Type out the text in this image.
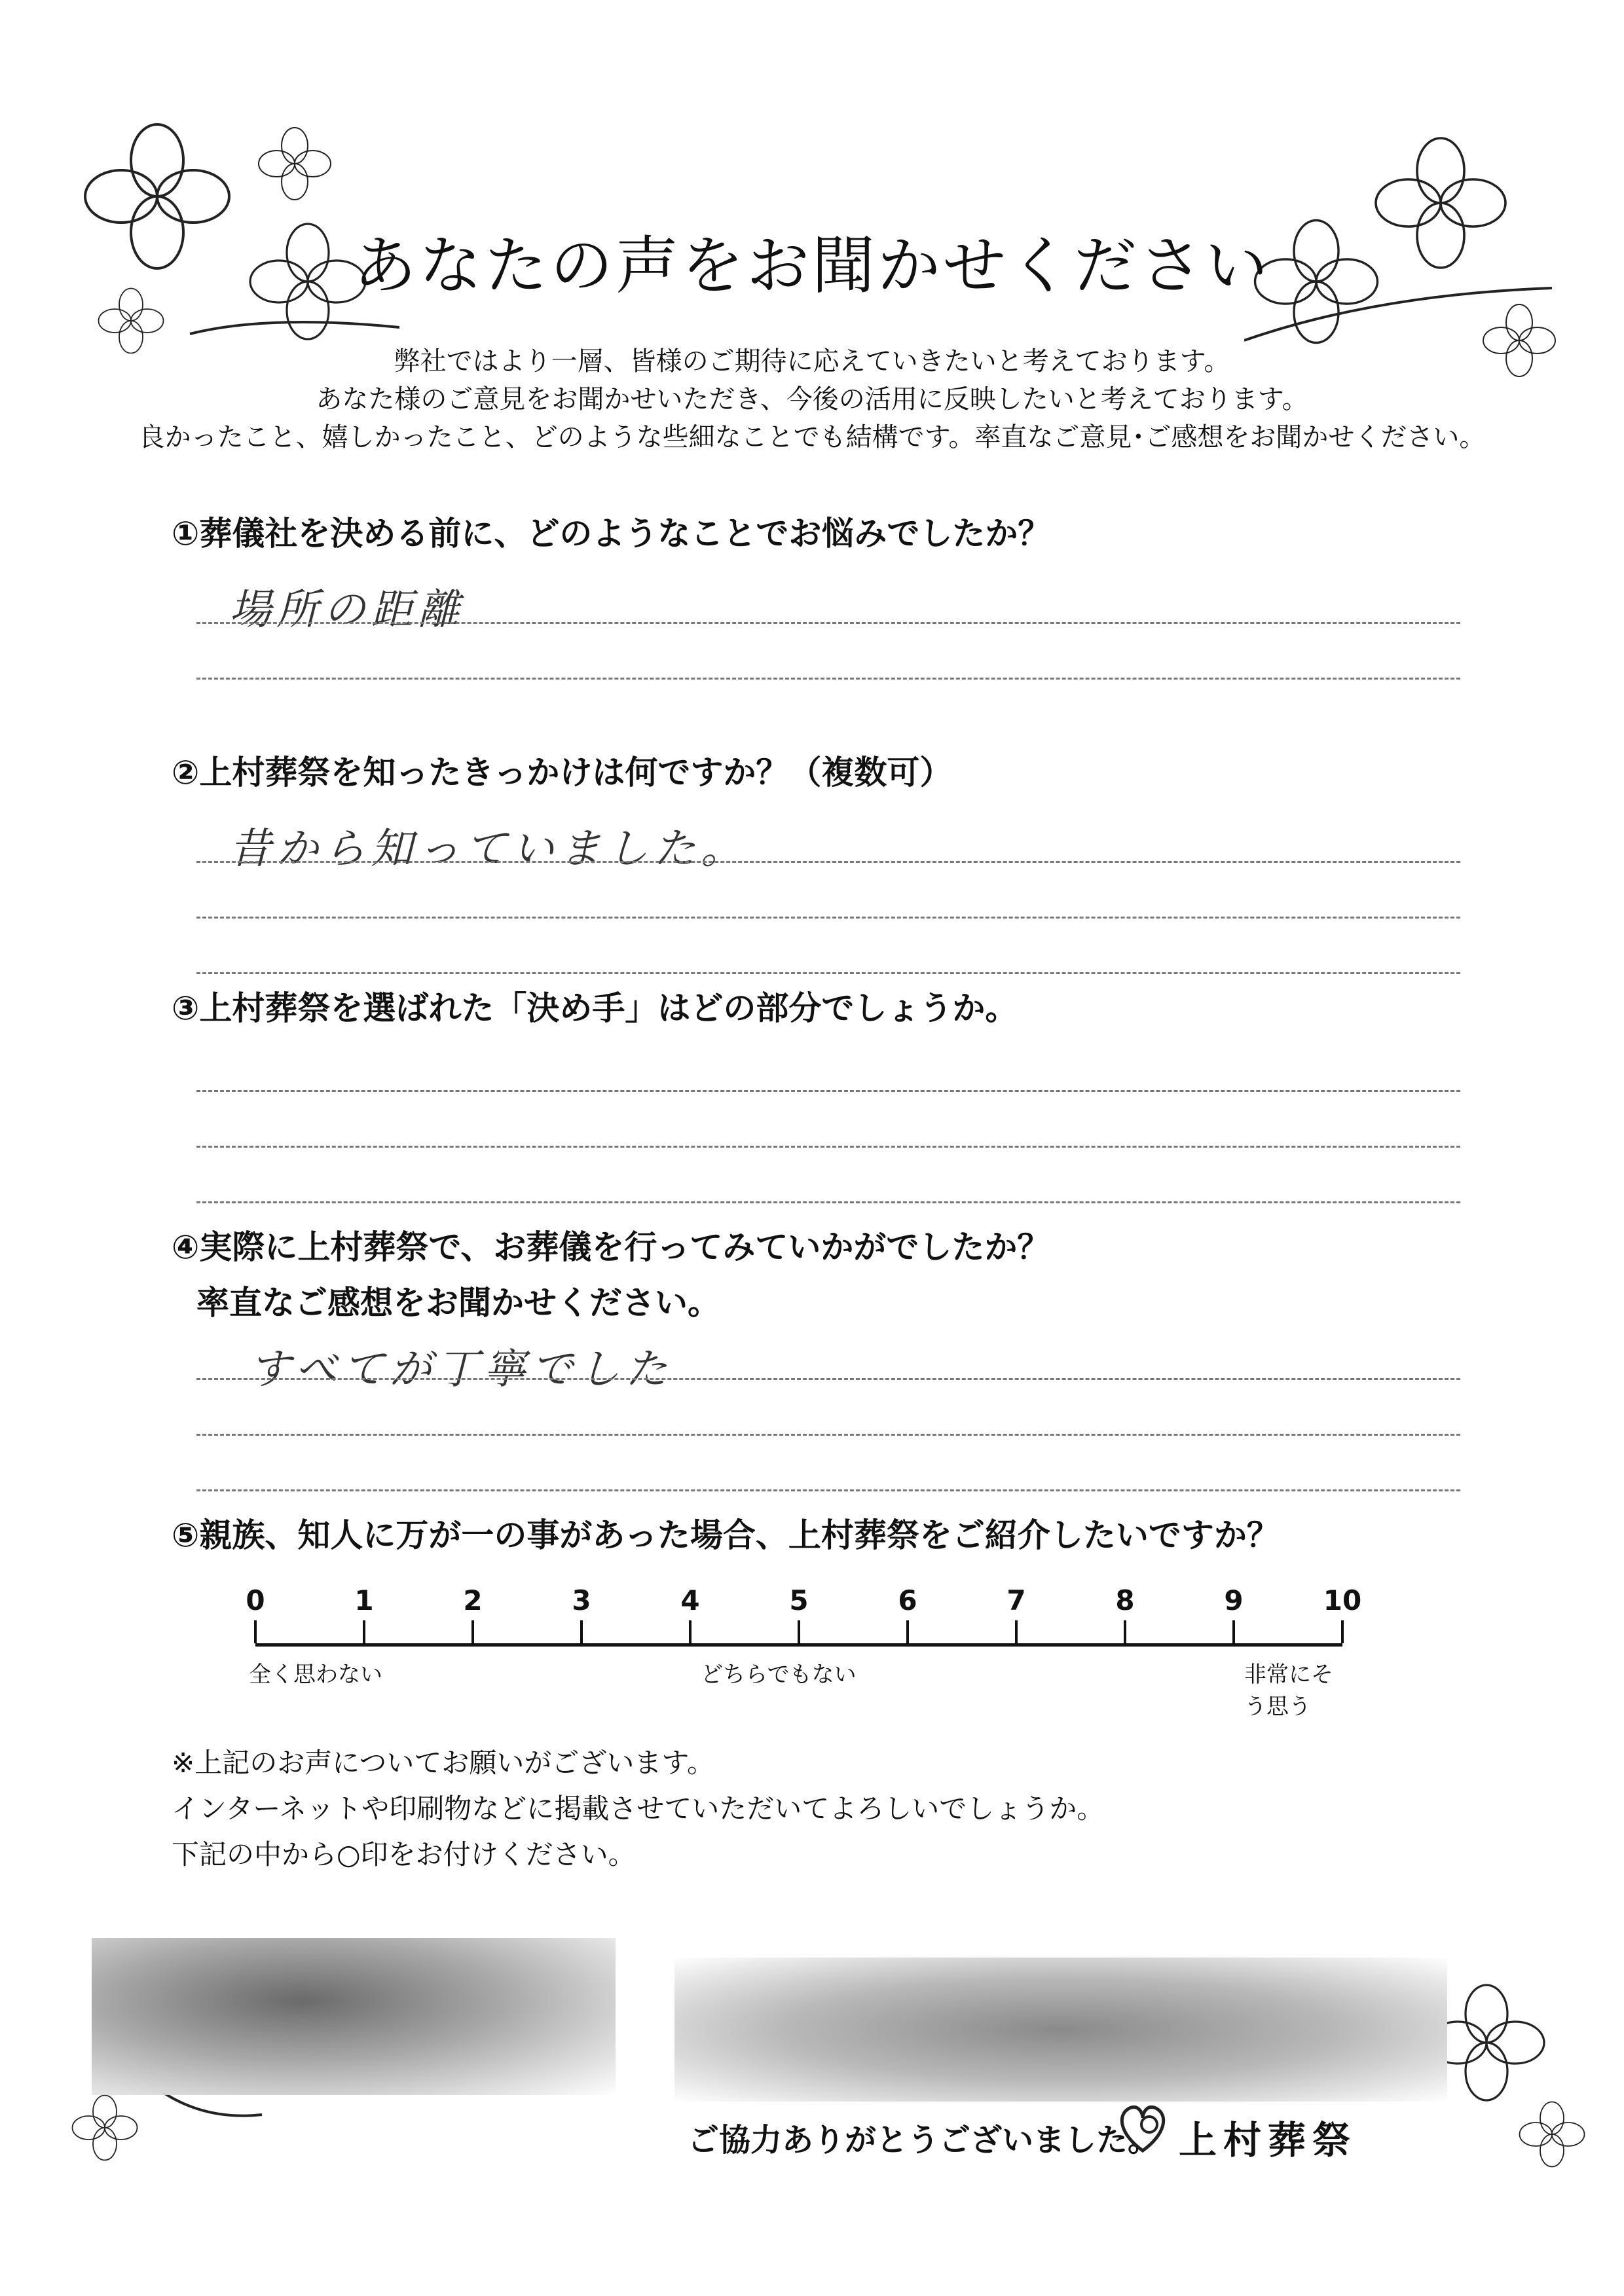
あなたの声をお聞かせください
弊社ではより一層、皆様のご期待に応えていきたいと考えております。
あなた様のご意見をお聞かせいただき、今後の活用に反映したいと考えております。
良かったこと、嬉しかったこと、どのような些細なことでも結構です。率直なご意見･ご感想をお聞かせください。
①葬儀社を決める前に、どのようなことでお悩みでしたか？
場所の距離
②上村葬祭を知ったきっかけは何ですか？（複数可）
昔から知っていました。
③上村葬祭を選ばれた「決め手」はどの部分でしょうか。
④実際に上村葬祭で、お葬儀を行ってみていかがでしたか？
率直なご感想をお聞かせください。
すべてが丁寧でした
⑤親族、知人に万が一の事があった場合、上村葬祭をご紹介したいですか？
0	1	2	3	4	5	6	7	8	9	10
全く思わない	どちらでもない	非常にそう思う
※上記のお声についてお願いがございます。
インターネットや印刷物などに掲載させていただいてよろしいでしょうか。
下記の中から○印をお付けください。
ご協力ありがとうございました。 上村葬祭
